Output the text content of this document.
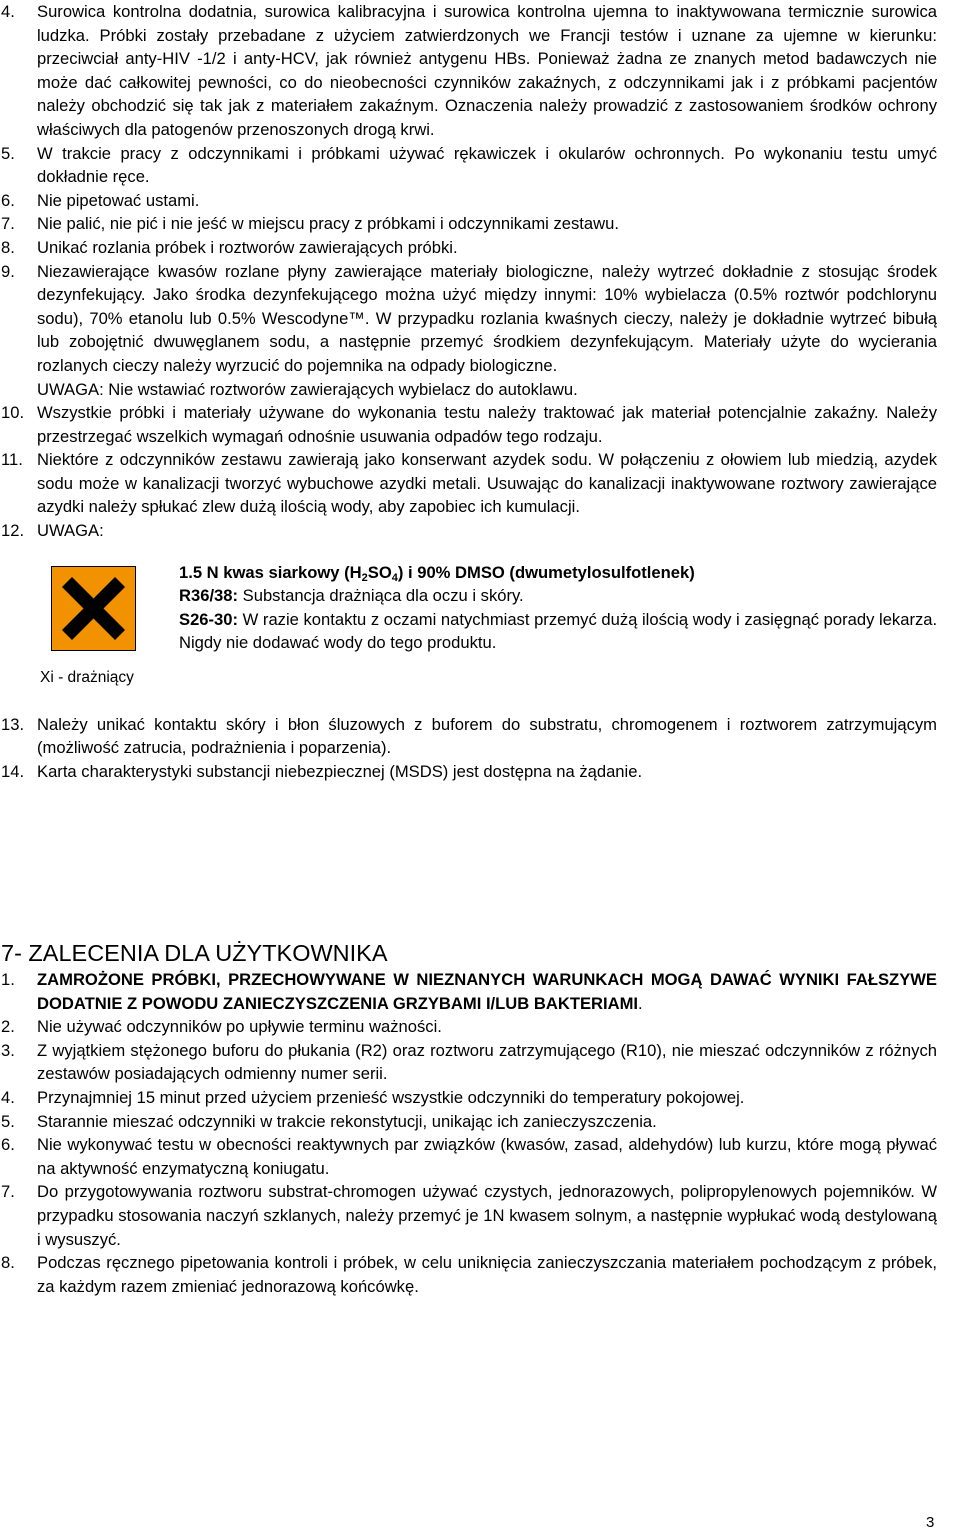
4. Surowica kontrolna dodatnia, surowica kalibracyjna i surowica kontrolna ujemna to inaktywowana termicznie surowica ludzka. Próbki zostały przebadane z użyciem zatwierdzonych we Francji testów i uznane za ujemne w kierunku: przeciwciał anty-HIV -1/2 i anty-HCV, jak również antygenu HBs. Ponieważ żadna ze znanych metod badawczych nie może dać całkowitej pewności, co do nieobecności czynników zakaźnych, z odczynnikami jak i z próbkami pacjentów należy obchodzić się tak jak z materiałem zakaźnym. Oznaczenia należy prowadzić z zastosowaniem środków ochrony właściwych dla patogenów przenoszonych drogą krwi.

5. W trakcie pracy z odczynnikami i próbkami używać rękawiczek i okularów ochronnych. Po wykonaniu testu umyć dokładnie ręce.

6. Nie pipetować ustami.

7. Nie palić, nie pić i nie jeść w miejscu pracy z próbkami i odczynnikami zestawu.

8. Unikać rozlania próbek i roztworów zawierających próbki.

9. Niezawierające kwasów rozlane płyny zawierające materiały biologiczne, należy wytrzeć dokładnie z stosując środek dezynfekujący. Jako środka dezynfekującego można użyć między innymi: 10% wybielacza (0.5% roztwór podchlorynu sodu), 70% etanolu lub 0.5% Wescodyne™. W przypadku rozlania kwaśnych cieczy, należy je dokładnie wytrzeć bibułą lub zobojętnić dwuwęglanem sodu, a następnie przemyć środkiem dezynfekującym. Materiały użyte do wycierania rozlanych cieczy należy wyrzucić do pojemnika na odpady biologiczne.

UWAGA: Nie wstawiać roztworów zawierających wybielacz do autoklawu.

10. Wszystkie próbki i materiały używane do wykonania testu należy traktować jak materiał potencjalnie zakaźny. Należy przestrzegać wszelkich wymagań odnośnie usuwania odpadów tego rodzaju.

11. Niektóre z odczynników zestawu zawierają jako konserwant azydek sodu. W połączeniu z ołowiem lub miedzią, azydek sodu może w kanalizacji tworzyć wybuchowe azydki metali. Usuwając do kanalizacji inaktywowane roztwory zawierające azydki należy spłukać zlew dużą ilością wody, aby zapobiec ich kumulacji.

12. UWAGA:

Xi - drażniący
1.5 N kwas siarkowy $(H_2SO_4)$ i 90% DMSO (dwumetylosulfotlenek)
R36/38: Substancja drażniąca dla oczu i skóry.
S26-30: W razie kontaktu z oczami natychmiast przemyć dużą ilością wody i zasięgnąć porady lekarza.
Nigdy nie dodawać wody do tego produktu.
13. Należy unikać kontaktu skóry i błon śluzowych z buforem do substratu, chromogenem i roztworem zatrzymującym (możliwość zatrucia, podrażnienia i poparzenia).

14. Karta charakterystyki substancji niebezpiecznej (MSDS) jest dostępna na żądanie.

7- ZALECENIA DLA UŻYTKOWNIKA
1. ZAMROŻONE PRÓBKI, PRZECHOWYWANE W NIEZNANYCH WARUNKACH MOGĄ DAWAĆ WYNIKI FAŁSZYWE DODATNIE Z POWODU ZANIECZYSZCZENIA GRZYBAMI I/LUB BAKTERIAMI.

2. Nie używać odczynników po upływie terminu ważności.

3. Z wyjątkiem stężonego buforu do płukania (R2) oraz roztworu zatrzymującego (R10), nie mieszać odczynników z różnych zestawów posiadających odmienny numer serii.

4. Przynajmniej 15 minut przed użyciem przenieść wszystkie odczynniki do temperatury pokojowej.

5. Starannie mieszać odczynniki w trakcie rekonstytucji, unikając ich zanieczyszczenia.

6. Nie wykonywać testu w obecności reaktywnych par związków (kwasów, zasad, aldehydów) lub kurzu, które mogą pływać na aktywność enzymatyczną koniugatu.

7. Do przygotowywania roztworu substrat-chromogen używać czystych, jednorazowych, polipropylenowych pojemników. W przypadku stosowania naczyń szklanych, należy przemyć je 1N kwasem solnym, a następnie wypłukać wodą destylowaną i wysuszyć.

8. Podczas ręcznego pipetowania kontroli i próbek, w celu uniknięcia zanieczyszczania materiałem pochodzącym z próbek, za każdym razem zmieniać jednorazową końcówkę.

3
